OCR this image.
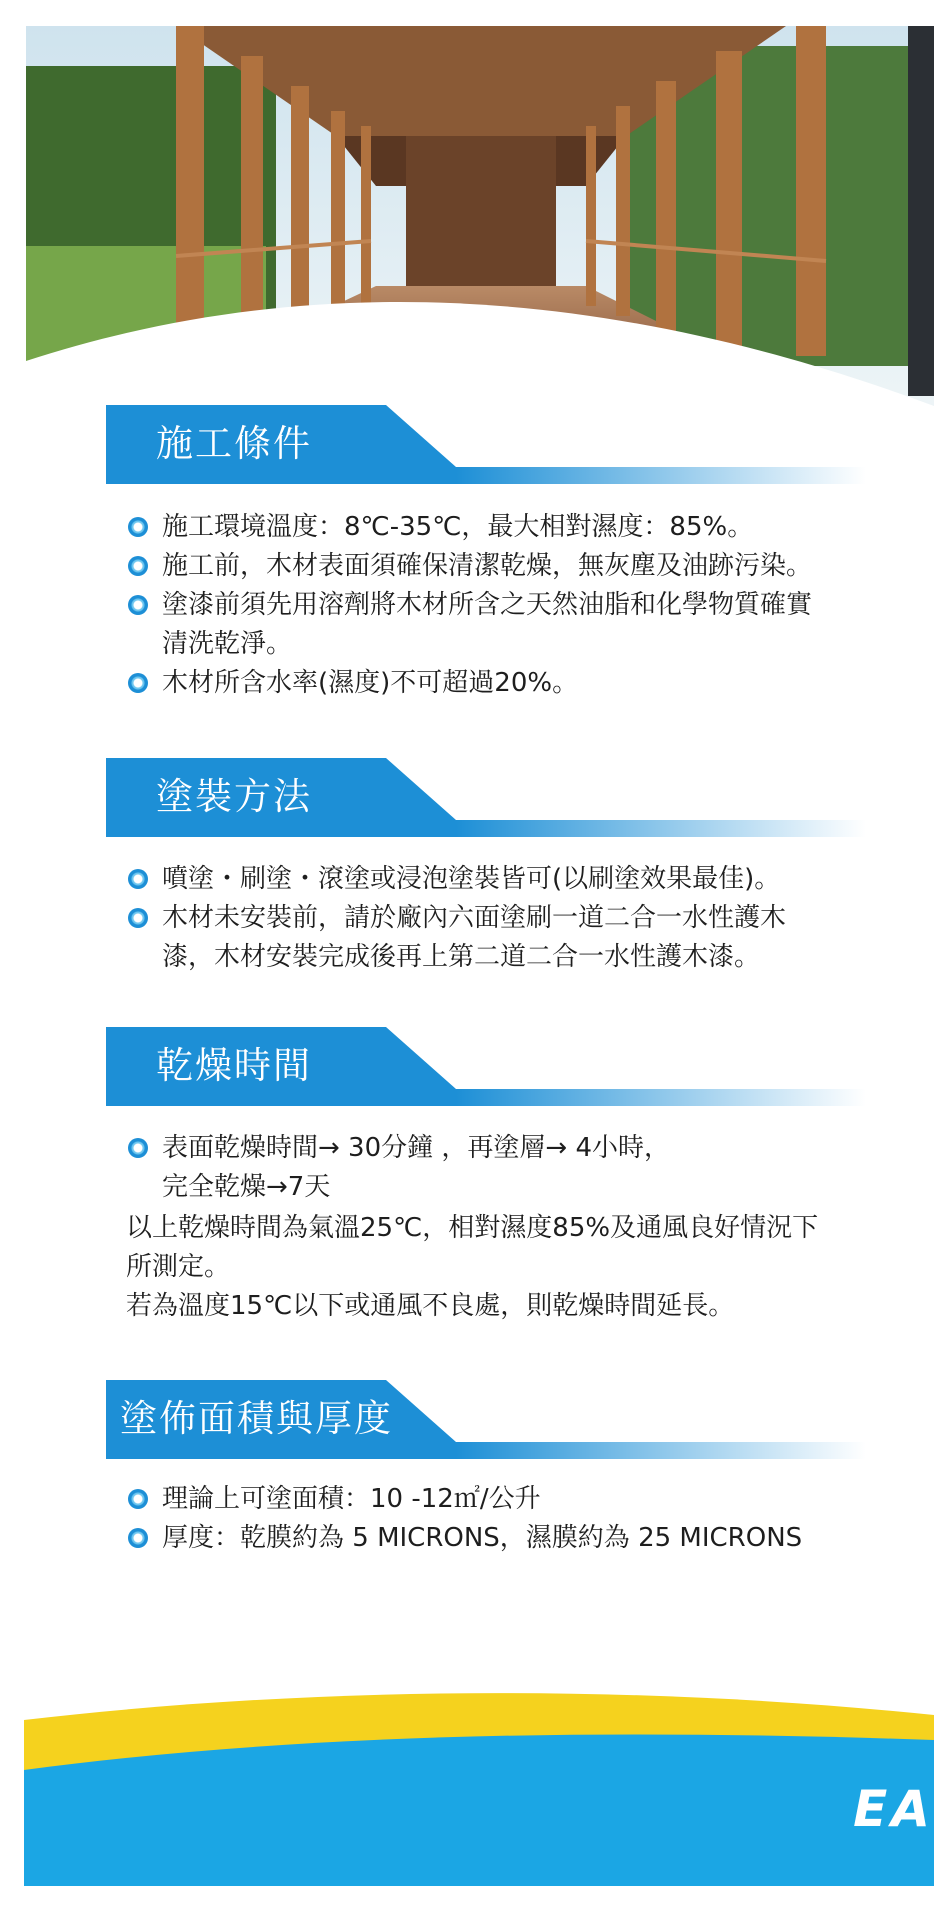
施工條件
施工環境溫度：8℃-35℃，最大相對濕度：85%。
施工前，木材表面須確保清潔乾燥，無灰塵及油跡污染。
塗漆前須先用溶劑將木材所含之天然油脂和化學物質確實
清洗乾淨。
木材所含水率(濕度)不可超過20%。
塗裝方法
噴塗・刷塗・滾塗或浸泡塗裝皆可(以刷塗效果最佳)。
木材未安裝前，請於廠內六面塗刷一道二合一水性護木
漆，木材安裝完成後再上第二道二合一水性護木漆。
乾燥時間
表面乾燥時間→ 30分鐘 ，再塗層→ 4小時，
完全乾燥→7天

以上乾燥時間為氣溫25℃，相對濕度85%及通風良好情況下
所測定。

若為溫度15℃以下或通風不良處，則乾燥時間延長。

塗佈面積與厚度
理論上可塗面積：10 -12㎡/公升
厚度：乾膜約為 5 MICRONS，濕膜約為 25 MICRONS
EA
